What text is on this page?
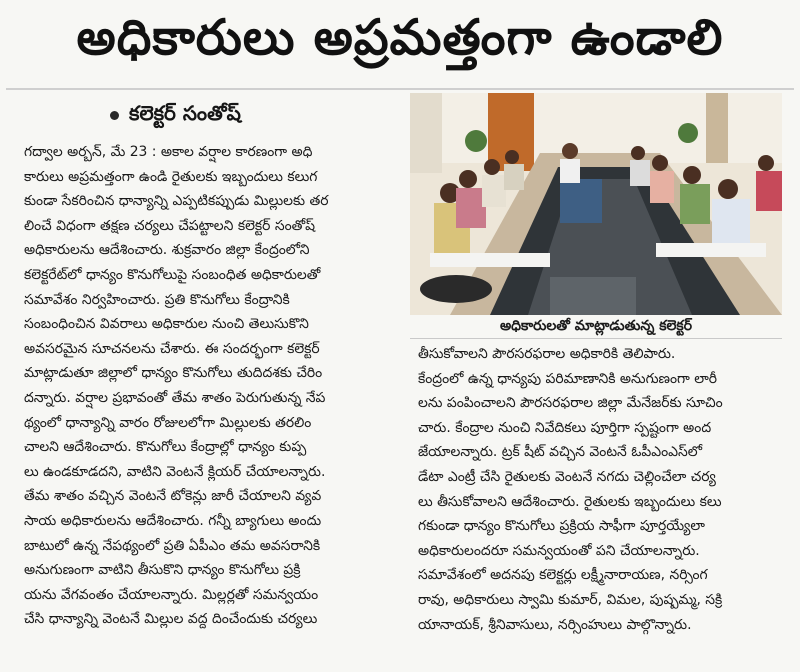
అధికారులు అప్రమత్తంగా ఉండాలి
కలెక్టర్ సంతోష్

గద్వాల అర్బన్, మే 23 : అకాల వర్షాల కారణంగా అధి

కారులు అప్రమత్తంగా ఉండి రైతులకు ఇబ్బందులు కలుగ

కుండా సేకరించిన ధాన్యాన్ని ఎప్పటికప్పుడు మిల్లులకు తర

లించే విధంగా తక్షణ చర్యలు చేపట్టాలని కలెక్టర్ సంతోష్

అధికారులను ఆదేశించారు. శుక్రవారం జిల్లా కేంద్రంలోని

కలెక్టరేట్‌లో ధాన్యం కొనుగోలుపై సంబంధిత అధికారులతో

సమావేశం నిర్వహించారు. ప్రతి కొనుగోలు కేంద్రానికి

సంబంధించిన వివరాలు అధికారుల నుంచి తెలుసుకొని

అవసరమైన సూచనలను చేశారు. ఈ సందర్భంగా కలెక్టర్

మాట్లాడుతూ జిల్లాలో ధాన్యం కొనుగోలు తుదిదశకు చేరిం

దన్నారు. వర్షాల ప్రభావంతో తేమ శాతం పెరుగుతున్న నేప

థ్యంలో ధాన్యాన్ని వారం రోజులలోగా మిల్లులకు తరలిం

చాలని ఆదేశించారు. కొనుగోలు కేంద్రాల్లో ధాన్యం కుప్ప

లు ఉండకూడదని, వాటిని వెంటనే క్లియర్ చేయాలన్నారు.

తేమ శాతం వచ్చిన వెంటనే టోకెన్లు జారీ చేయాలని వ్యవ

సాయ అధికారులను ఆదేశించారు. గన్నీ బ్యాగులు అందు

బాటులో ఉన్న నేపథ్యంలో ప్రతి ఏపీఎం తమ అవసరానికి

అనుగుణంగా వాటిని తీసుకొని ధాన్యం కొనుగోలు ప్రక్రి

యను వేగవంతం చేయాలన్నారు. మిల్లర్లతో సమన్వయం

చేసి ధాన్యాన్ని వెంటనే మిల్లుల వద్ద దించేందుకు చర్యలు

అధికారులతో మాట్లాడుతున్న కలెక్టర్

తీసుకోవాలని పౌరసరఫరాల అధికారికి తెలిపారు.

కేంద్రంలో ఉన్న ధాన్యపు పరిమాణానికి అనుగుణంగా లారీ

లను పంపించాలని పౌరసరఫరాల జిల్లా మేనేజర్‌కు సూచిం

చారు. కేంద్రాల నుంచి నివేదికలు పూర్తిగా స్పష్టంగా అంద

జేయాలన్నారు. ట్రక్ షీట్ వచ్చిన వెంటనే ఓపీఎంఎస్‌లో

డేటా ఎంట్రీ చేసి రైతులకు వెంటనే నగదు చెల్లించేలా చర్య

లు తీసుకోవాలని ఆదేశించారు. రైతులకు ఇబ్బందులు కలు

గకుండా ధాన్యం కొనుగోలు ప్రక్రియ సాఫీగా పూర్తయ్యేలా

అధికారులందరూ సమన్వయంతో పని చేయాలన్నారు.

సమావేశంలో అదనపు కలెక్టర్లు లక్ష్మీనారాయణ, నర్సింగ

రావు, అధికారులు స్వామి కుమార్, విమల, పుష్పమ్మ, సక్రి

యానాయక్, శ్రీనివాసులు, నర్సింహులు పాల్గొన్నారు.
